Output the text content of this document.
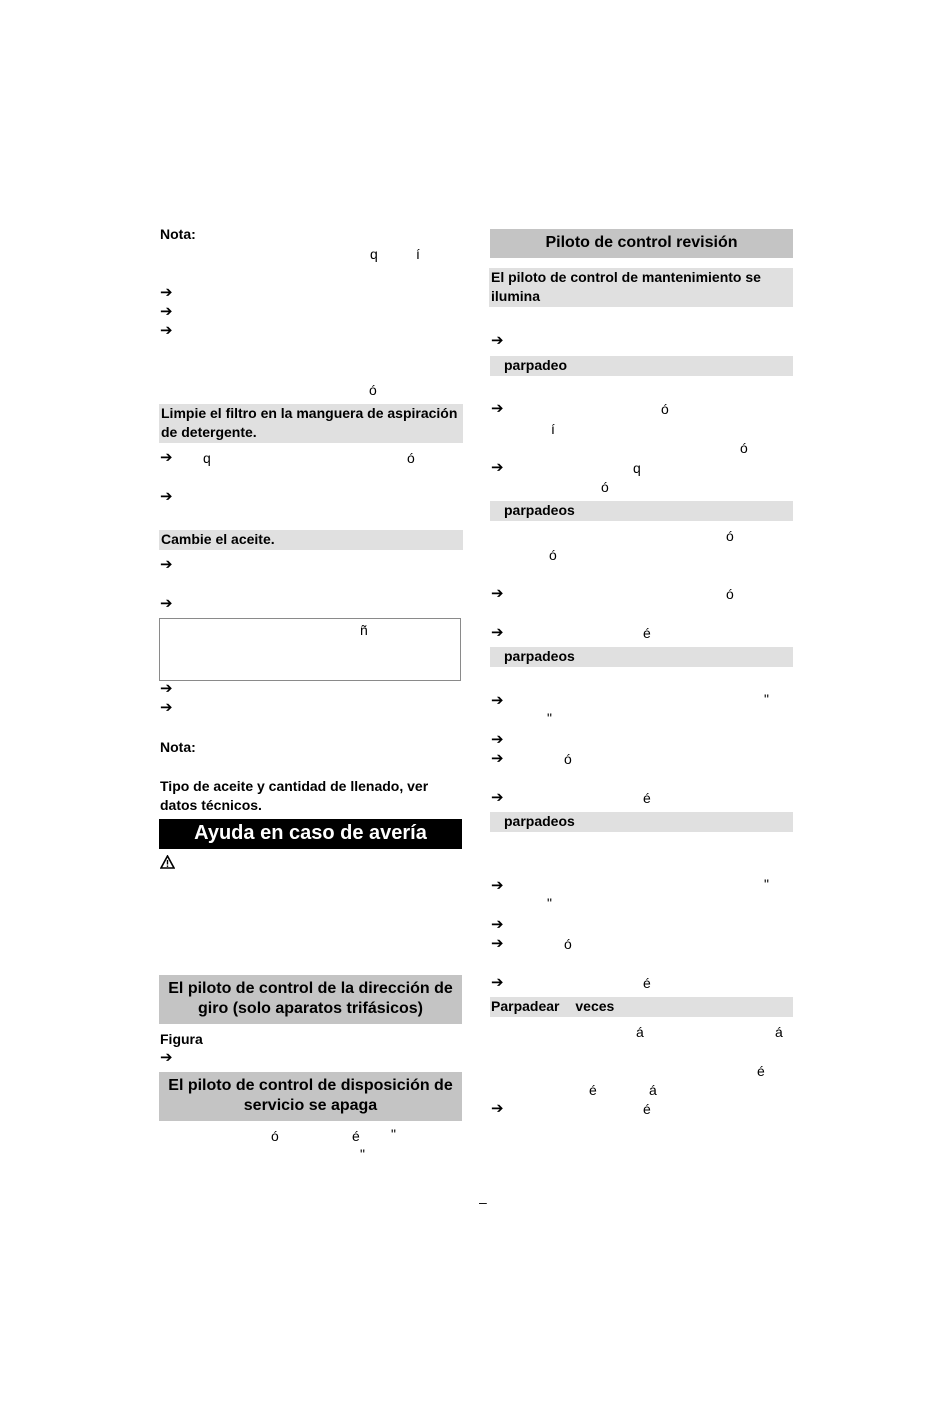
Nota:
q	í
➔
➔
➔
ó
Limpie el filtro en la manguera de aspiración de detergente.
➔ q	ó
➔
Cambie el aceite.
➔
➔
ñ
➔
➔
Nota:
Tipo de aceite y cantidad de llenado, ver datos técnicos.
Ayuda en caso de avería
El piloto de control de la dirección de giro (solo aparatos trifásicos)
Figura
➔
El piloto de control de disposición de servicio se apaga
ó	é "
"
Piloto de control revisión
El piloto de control de mantenimiento se ilumina
➔
parpadeo
➔	ó
í
ó
➔	q
ó
parpadeos
ó
ó
➔	ó
➔	é
parpadeos
➔	"
"
➔
➔	ó
➔	é
parpadeos
➔	"
"
➔
➔	ó
➔	é
Parpadear veces
á	á
é
é	á
➔	é
–
